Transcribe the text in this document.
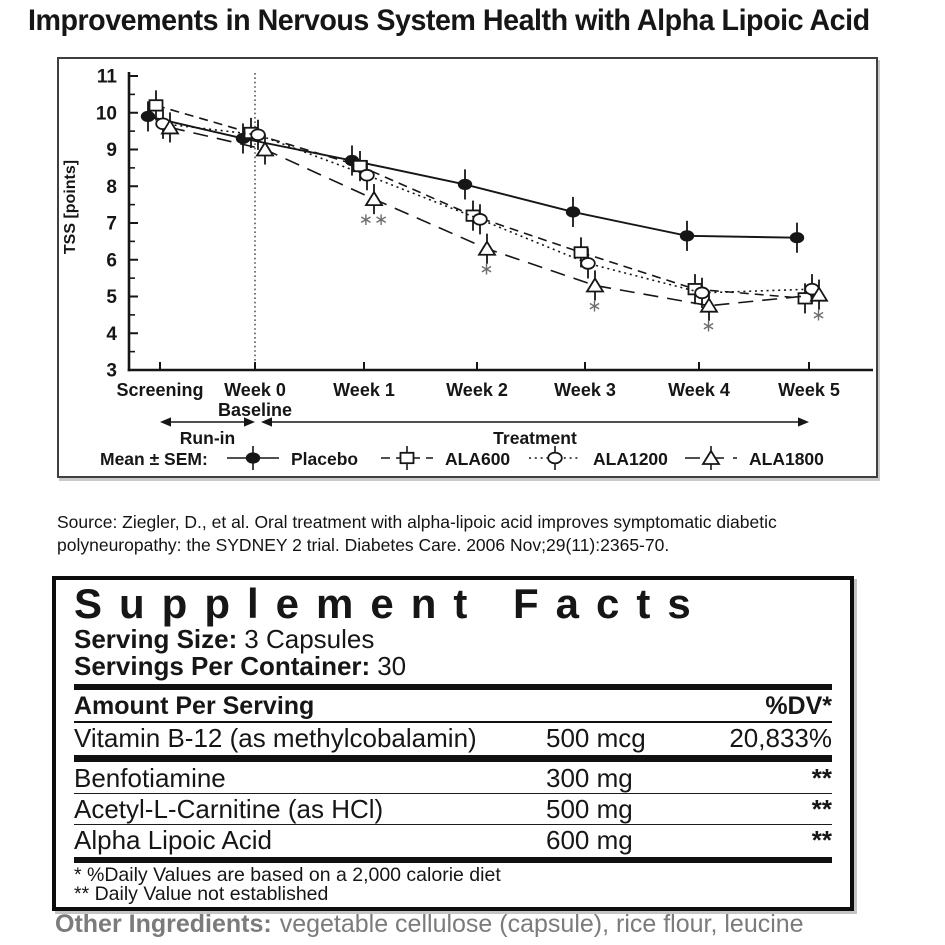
Improvements in Nervous System Health with Alpha Lipoic Acid
3
4
5
6
7
8
9
10
11
TSS [points]
Screening Week 0	Week 1	Week 2	Week 3	Week 4	Week 5
Baseline
∗∗
∗
∗
∗
∗
Run-in	Treatment
Mean ± SEM:	Placebo	ALA600	ALA1200	ALA1800

Source: Ziegler, D., et al. Oral treatment with alpha-lipoic acid improves symptomatic diabetic polyneuropathy: the SYDNEY 2 trial. Diabetes Care. 2006 Nov;29(11):2365-70.

Supplement Facts
Serving Size: 3 Capsules
Servings Per Container: 30
Amount Per Serving	%DV*
Vitamin B-12 (as methylcobalamin)	500 mcg	20,833%
Benfotiamine	300 mg	**
Acetyl-L-Carnitine (as HCl)	500 mg	**
Alpha Lipoic Acid	600 mg	**
* %Daily Values are based on a 2,000 calorie diet
** Daily Value not established
Other Ingredients: vegetable cellulose (capsule), rice flour, leucine
